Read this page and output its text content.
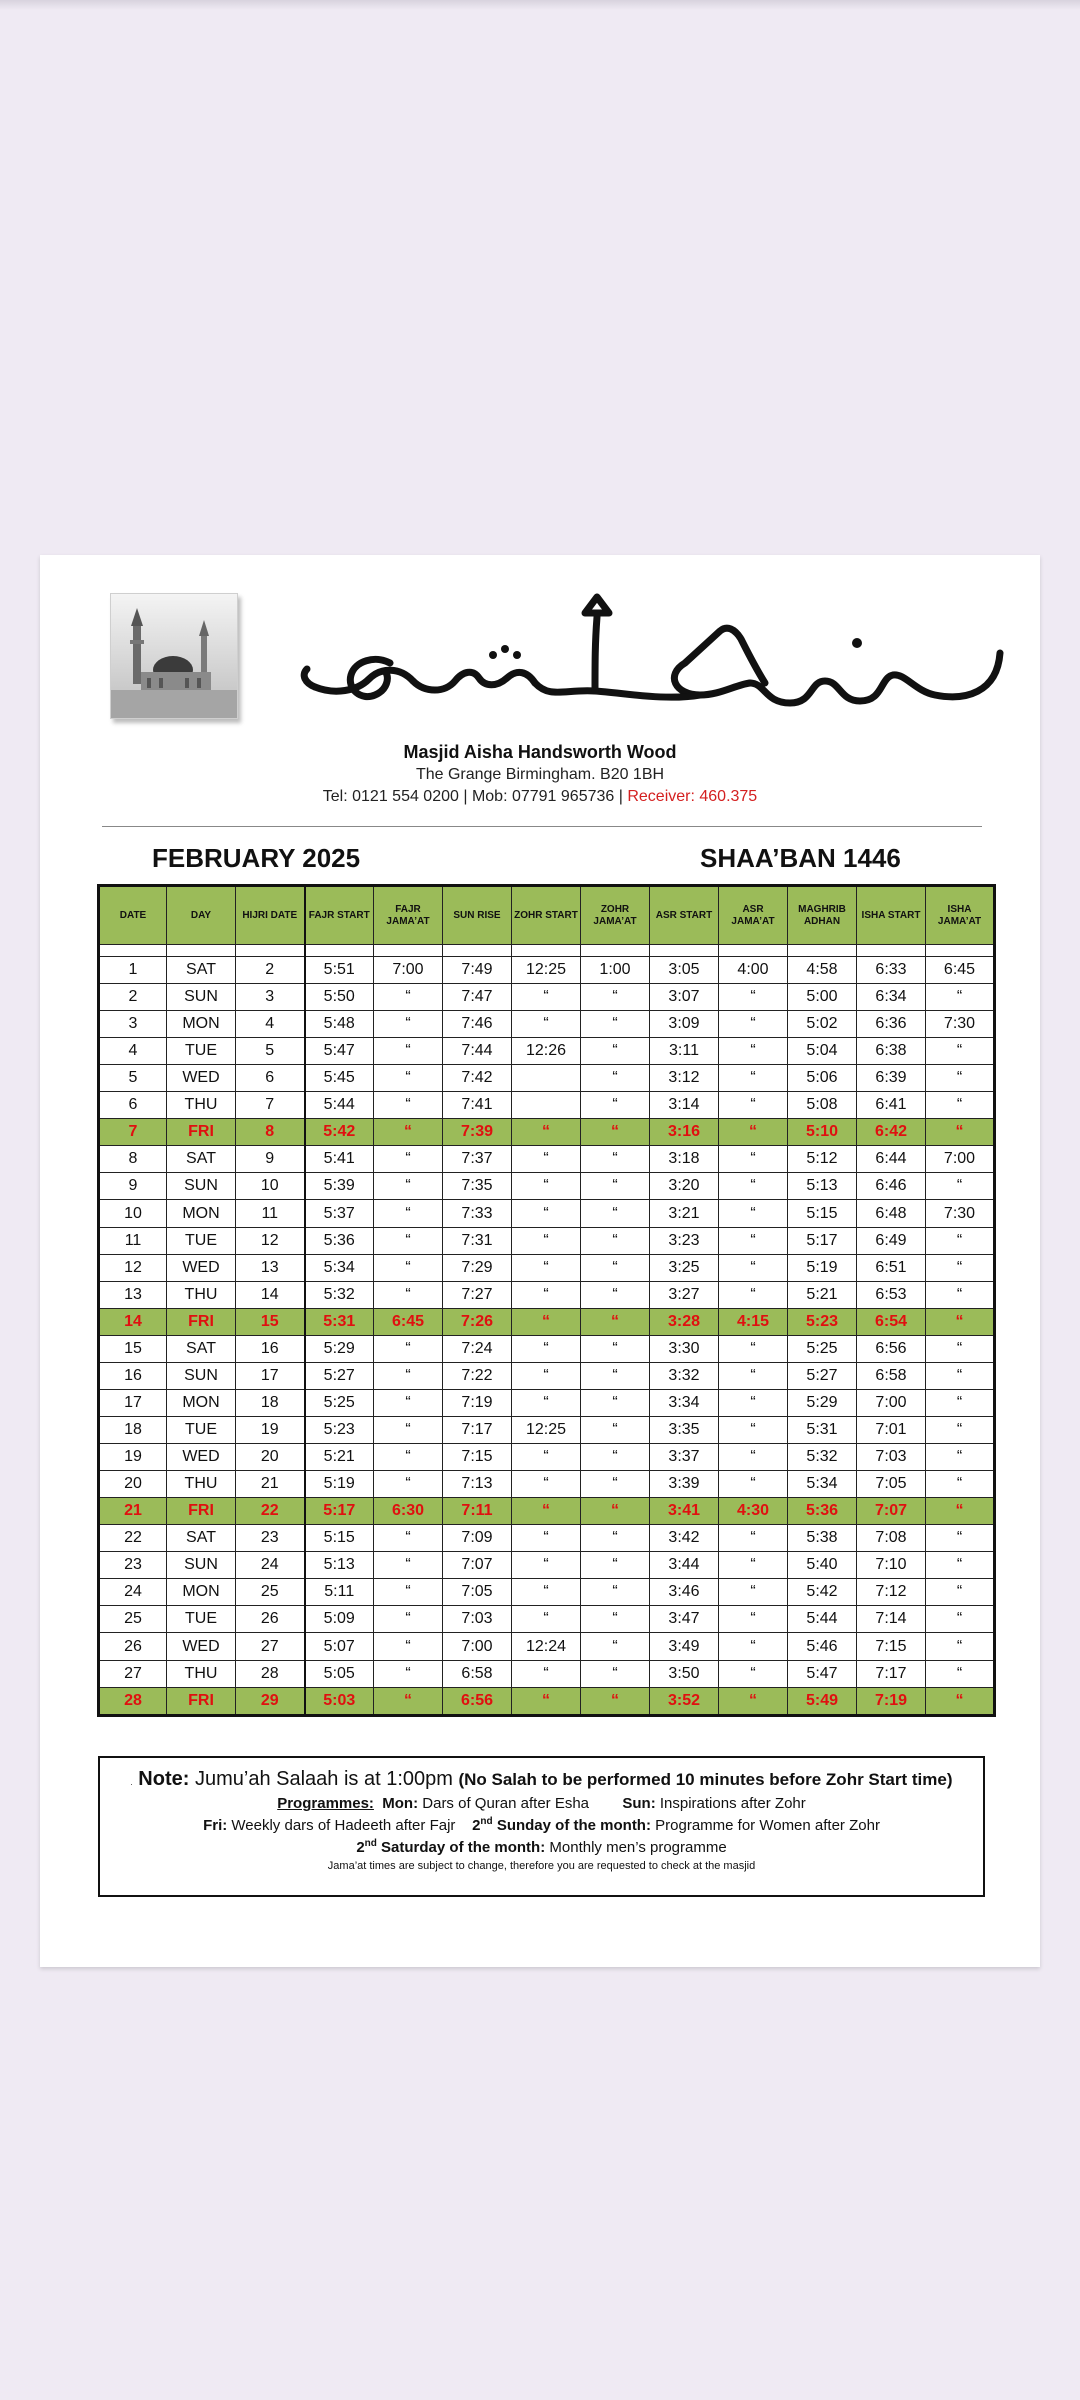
Masjid Aisha Handsworth Wood
The Grange Birmingham. B20 1BH
Tel: 0121 554 0200 | Mob: 07791 965736 | Receiver: 460.375
FEBRUARY 2025	SHAA’BAN 1446
DATE	DAY	HIJRI DATE	FAJR START	FAJR JAMA’AT	SUN RISE	ZOHR START	ZOHR JAMA’AT	ASR START	ASR JAMA’AT	MAGHRIB ADHAN	ISHA START	ISHA JAMA’AT

1	SAT	2	5:51	7:00	7:49	12:25	1:00	3:05	4:00	4:58	6:33	6:45
2	SUN	3	5:50	“	7:47	“	“	3:07	“	5:00	6:34	“
3	MON	4	5:48	“	7:46	“	“	3:09	“	5:02	6:36	7:30
4	TUE	5	5:47	“	7:44	12:26	“	3:11	“	5:04	6:38	“
5	WED	6	5:45	“	7:42		“	3:12	“	5:06	6:39	“
6	THU	7	5:44	“	7:41		“	3:14	“	5:08	6:41	“
7	FRI	8	5:42	“	7:39	“	“	3:16	“	5:10	6:42	“
8	SAT	9	5:41	“	7:37	“	“	3:18	“	5:12	6:44	7:00
9	SUN	10	5:39	“	7:35	“	“	3:20	“	5:13	6:46	“
10	MON	11	5:37	“	7:33	“	“	3:21	“	5:15	6:48	7:30
11	TUE	12	5:36	“	7:31	“	“	3:23	“	5:17	6:49	“
12	WED	13	5:34	“	7:29	“	“	3:25	“	5:19	6:51	“
13	THU	14	5:32	“	7:27	“	“	3:27	“	5:21	6:53	“
14	FRI	15	5:31	6:45	7:26	“	“	3:28	4:15	5:23	6:54	“
15	SAT	16	5:29	“	7:24	“	“	3:30	“	5:25	6:56	“
16	SUN	17	5:27	“	7:22	“	“	3:32	“	5:27	6:58	“
17	MON	18	5:25	“	7:19	“	“	3:34	“	5:29	7:00	“
18	TUE	19	5:23	“	7:17	12:25	“	3:35	“	5:31	7:01	“
19	WED	20	5:21	“	7:15	“	“	3:37	“	5:32	7:03	“
20	THU	21	5:19	“	7:13	“	“	3:39	“	5:34	7:05	“
21	FRI	22	5:17	6:30	7:11	“	“	3:41	4:30	5:36	7:07	“
22	SAT	23	5:15	“	7:09	“	“	3:42	“	5:38	7:08	“
23	SUN	24	5:13	“	7:07	“	“	3:44	“	5:40	7:10	“
24	MON	25	5:11	“	7:05	“	“	3:46	“	5:42	7:12	“
25	TUE	26	5:09	“	7:03	“	“	3:47	“	5:44	7:14	“
26	WED	27	5:07	“	7:00	12:24	“	3:49	“	5:46	7:15	“
27	THU	28	5:05	“	6:58	“	“	3:50	“	5:47	7:17	“
28	FRI	29	5:03	“	6:56	“	“	3:52	“	5:49	7:19	“
. Note: Jumu’ah Salaah is at 1:00pm (No Salah to be performed 10 minutes before Zohr Start time)
Programmes: Mon: Dars of Quran after Esha Sun: Inspirations after Zohr
Fri: Weekly dars of Hadeeth after Fajr 2nd Sunday of the month: Programme for Women after Zohr
2nd Saturday of the month: Monthly men’s programme
Jama’at times are subject to change, therefore you are requested to check at the masjid
